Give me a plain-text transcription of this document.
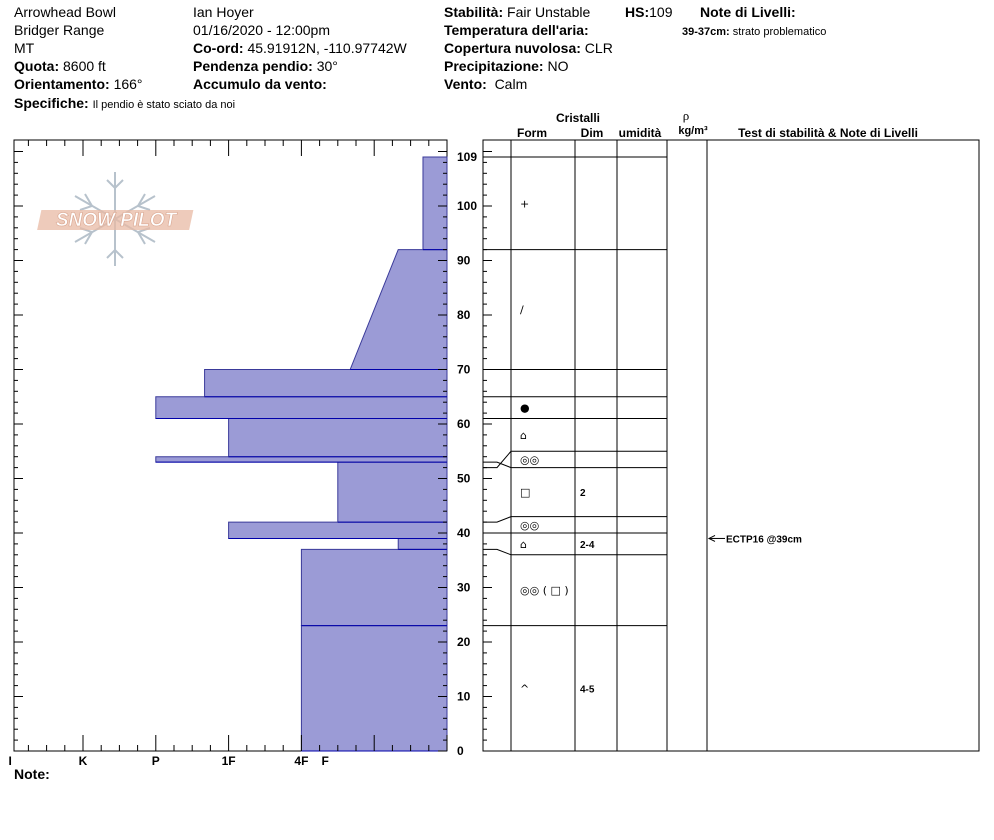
Arrowhead Bowl
Bridger Range
MT
Quota: 8600 ft
Orientamento: 166°
Specifiche: Il pendio è stato sciato da noi
Ian Hoyer
01/16/2020 - 12:00pm
Co-ord: 45.91912N, -110.97742W
Pendenza pendio: 30°
Accumulo da vento:
Stabilità: Fair Unstable HS:109
Temperatura dell'aria:
Copertura nuvolosa: CLR
Precipitazione: NO
Vento: Calm
Note di Livelli:
39-37cm: strato problematico
Note:
SNOW PILOT
0
10
20
30
40
50
60
70
80
90
100
109
I	K	P	1F	4F F
Cristalli
Form	Dim umidità
ρ
kg/m³	Test di stabilità & Note di Livelli
+
/
●
⌂
◎◎
□	2
◎◎
⌂	2-4
◎◎ ( □ )
^	4-5
ECTP16 @39cm
